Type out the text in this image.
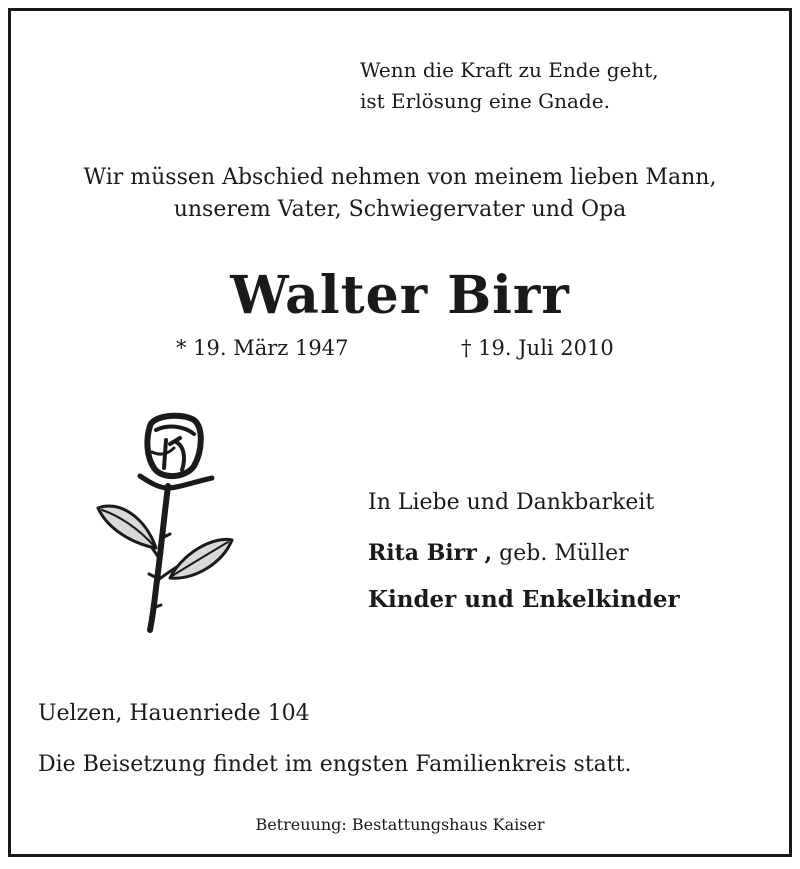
Wenn die Kraft zu Ende geht,
ist Erlösung eine Gnade.
Wir müssen Abschied nehmen von meinem lieben Mann,
unserem Vater, Schwiegervater und Opa
Walter Birr
* 19. März 1947	† 19. Juli 2010
In Liebe und Dankbarkeit
Rita Birr , geb. Müller
Kinder und Enkelkinder
Uelzen, Hauenriede 104
Die Beisetzung findet im engsten Familienkreis statt.
Betreuung: Bestattungshaus Kaiser
